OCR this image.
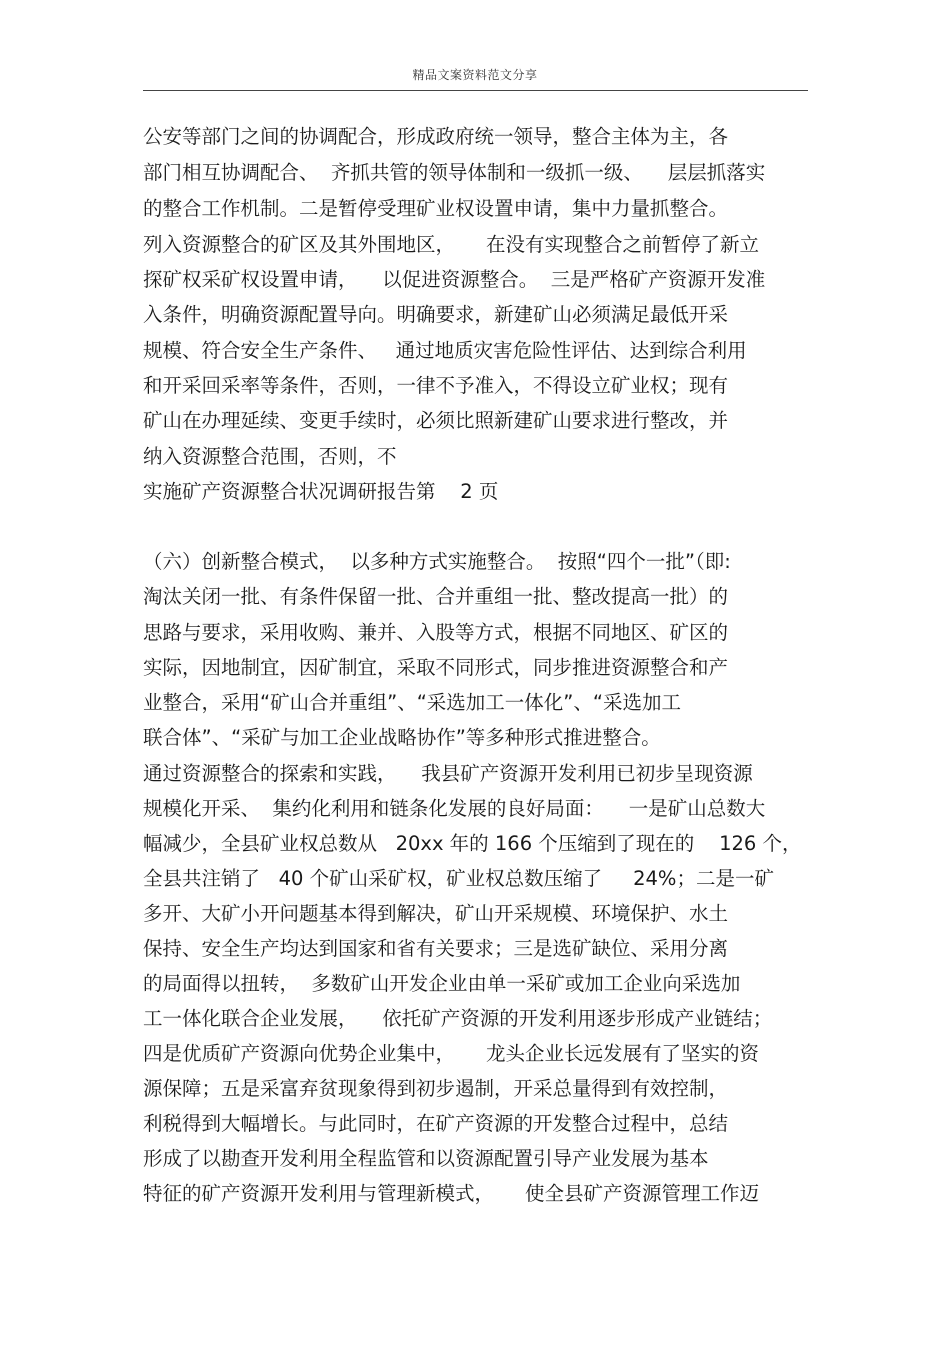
精品文案资料范文分享
公安等部门之间的协调配合，形成政府统一领导，整合主体为主，各
部门相互协调配合、  齐抓共管的领导体制和一级抓一级、    层层抓落实
的整合工作机制。二是暂停受理矿业权设置申请，集中力量抓整合。
列入资源整合的矿区及其外围地区，     在没有实现整合之前暂停了新立
探矿权采矿权设置申请，    以促进资源整合。  三是严格矿产资源开发准
入条件，明确资源配置导向。明确要求，新建矿山必须满足最低开采
规模、符合安全生产条件、   通过地质灾害危险性评估、达到综合利用
和开采回采率等条件，否则，一律不予准入，不得设立矿业权；现有
矿山在办理延续、变更手续时，必须比照新建矿山要求进行整改，并
纳入资源整合范围，否则，不
实施矿产资源整合状况调研报告第    2 页
（六）创新整合模式，  以多种方式实施整合。  按照“四个一批”（即:
淘汰关闭一批、有条件保留一批、合并重组一批、整改提高一批）的
思路与要求，采用收购、兼并、入股等方式，根据不同地区、矿区的
实际，因地制宜，因矿制宜，采取不同形式，同步推进资源整合和产
业整合，采用“矿山合并重组”、“采选加工一体化”、“采选加工
联合体”、“采矿与加工企业战略协作”等多种形式推进整合。
通过资源整合的探索和实践，    我县矿产资源开发利用已初步呈现资源
规模化开采、  集约化利用和链条化发展的良好局面：    一是矿山总数大
幅减少，全县矿业权总数从   20xx 年的 166 个压缩到了现在的    126 个，
全县共注销了   40 个矿山采矿权，矿业权总数压缩了     24%；二是一矿
多开、大矿小开问题基本得到解决，矿山开采规模、环境保护、水土
保持、安全生产均达到国家和省有关要求；三是选矿缺位、采用分离
的局面得以扭转，  多数矿山开发企业由单一采矿或加工企业向采选加
工一体化联合企业发展，    依托矿产资源的开发利用逐步形成产业链结；
四是优质矿产资源向优势企业集中，     龙头企业长远发展有了坚实的资
源保障；五是采富弃贫现象得到初步遏制，开采总量得到有效控制，
利税得到大幅增长。与此同时，在矿产资源的开发整合过程中，总结
形成了以勘查开发利用全程监管和以资源配置引导产业发展为基本
特征的矿产资源开发利用与管理新模式，     使全县矿产资源管理工作迈
